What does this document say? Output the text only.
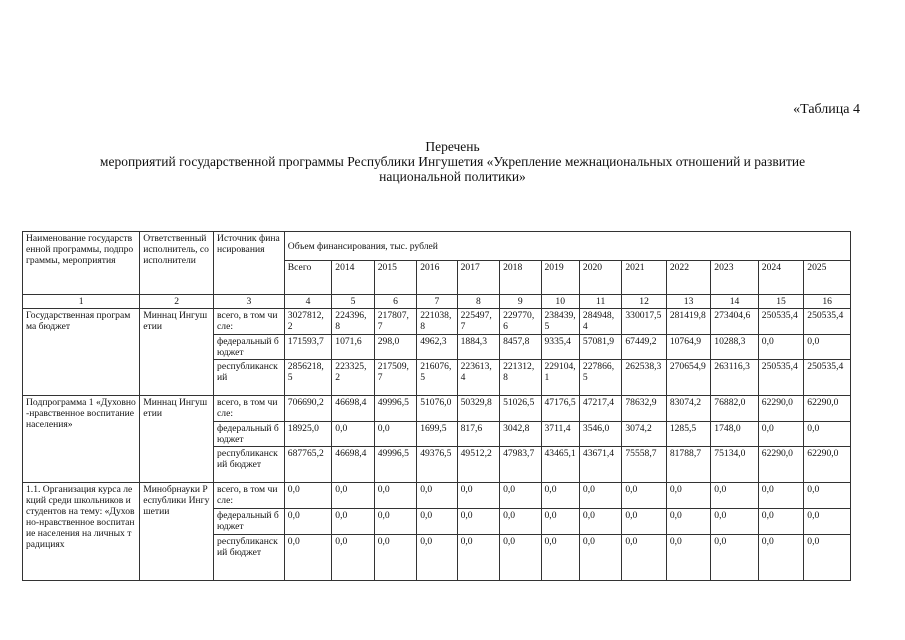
«Таблица 4
Перечень
мероприятий государственной программы Республики Ингушетия «Укрепление межнациональных отношений и развитие
национальной политики»
Наименование государственной программы, подпрограммы, мероприятия	Ответственный исполнитель, соисполнители	Источник финансирования	Объем финансирования, тыс. рублей												
			Всего	2014	2015	2016	2017	2018	2019	2020	2021	2022	2023	2024	2025
1	2	3	4	5	6	7	8	9	10	11	12	13	14	15	16
Государственная программа бюджет	Миннац Ингушетии	всего, в том числе:	3027812,2	224396,8	217807,7	221038,8	225497,7	229770,6	238439,5	284948,4	330017,5	281419,8	273404,6	250535,4	250535,4
		федеральный бюджет	171593,7	1071,6	298,0	4962,3	1884,3	8457,8	9335,4	57081,9	67449,2	10764,9	10288,3	0,0	0,0
		республиканский	2856218,5	223325,2	217509,7	216076,5	223613,4	221312,8	229104,1	227866,5	262538,3	270654,9	263116,3	250535,4	250535,4
Подпрограмма 1 «Духовно-нравственное воспитание населения»	Миннац Ингушетии	всего, в том числе:	706690,2	46698,4	49996,5	51076,0	50329,8	51026,5	47176,5	47217,4	78632,9	83074,2	76882,0	62290,0	62290,0
		федеральный бюджет	18925,0	0,0	0,0	1699,5	817,6	3042,8	3711,4	3546,0	3074,2	1285,5	1748,0	0,0	0,0
		республиканский бюджет	687765,2	46698,4	49996,5	49376,5	49512,2	47983,7	43465,1	43671,4	75558,7	81788,7	75134,0	62290,0	62290,0
1.1. Организация курса лекций среди школьников и студентов на тему: «Духовно-нравственное воспитание населения на личных традициях	Минобрнауки Республики Ингушетии	всего, в том числе:	0,0	0,0	0,0	0,0	0,0	0,0	0,0	0,0	0,0	0,0	0,0	0,0	0,0
		федеральный бюджет	0,0	0,0	0,0	0,0	0,0	0,0	0,0	0,0	0,0	0,0	0,0	0,0	0,0
		республиканский бюджет	0,0	0,0	0,0	0,0	0,0	0,0	0,0	0,0	0,0	0,0	0,0	0,0	0,0
